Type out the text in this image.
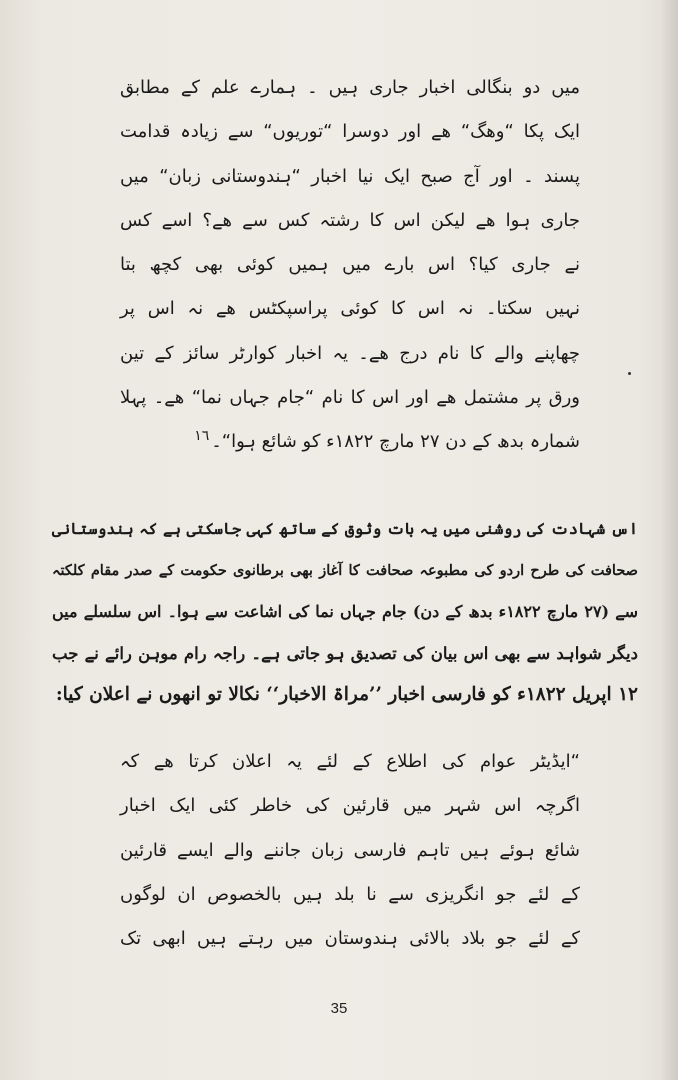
میں دو بنگالی اخبار جاری ہیں ۔ ہمارے علم کے مطابق
ایک پکا “وھگ“ ھے اور دوسرا “توریوں“ سے زیادہ قدامت
پسند ۔ اور آج صبح ایک نیا اخبار “ہندوستانی زبان“ میں
جاری ہوا ھے لیکن اس کا رشتہ کس سے ھے؟ اسے کس
نے جاری کیا؟ اس بارے میں ہمیں کوئی بھی کچھ بتا
نہیں سکتا۔ نہ اس کا کوئی پراسپکٹس ھے نہ اس پر
چھاپنے والے کا نام درج ھے۔ یہ اخبار کوارٹر سائز کے تین
ورق پر مشتمل ھے اور اس کا نام “جام جہاں نما“ ھے۔ پہلا
شمارہ بدھ کے دن ٢٧ مارچ ١٨٢٢ء کو شائع ہوا“۔$^{١٦}$
اس شہادت کی روشنی میں یہ بات وثوق کے ساتھ کہی جاسکتی ہے کہ ہندوستانی
صحافت کی طرح اردو کی مطبوعہ صحافت کا آغاز بھی برطانوی حکومت کے صدر مقام کلکتہ
سے (٢٧ مارچ ١٨٢٢ء بدھ کے دن) جام جہاں نما کی اشاعت سے ہوا۔ اس سلسلے میں
دیگر شواہد سے بھی اس بیان کی تصدیق ہو جاتی ہے۔ راجہ رام موہن رائے نے جب
١٢ اپریل ١٨٢٢ء کو فارسی اخبار ’’مراۃ الاخبار‘‘ نکالا تو انھوں نے اعلان کیا:
“ایڈیٹر عوام کی اطلاع کے لئے یہ اعلان کرتا ھے کہ
اگرچہ اس شہر میں قارئین کی خاطر کئی ایک اخبار
شائع ہوئے ہیں تاہم فارسی زبان جاننے والے ایسے قارئین
کے لئے جو انگریزی سے نا بلد ہیں بالخصوص ان لوگوں
کے لئے جو بلاد بالائی ہندوستان میں رہتے ہیں ابھی تک
35
